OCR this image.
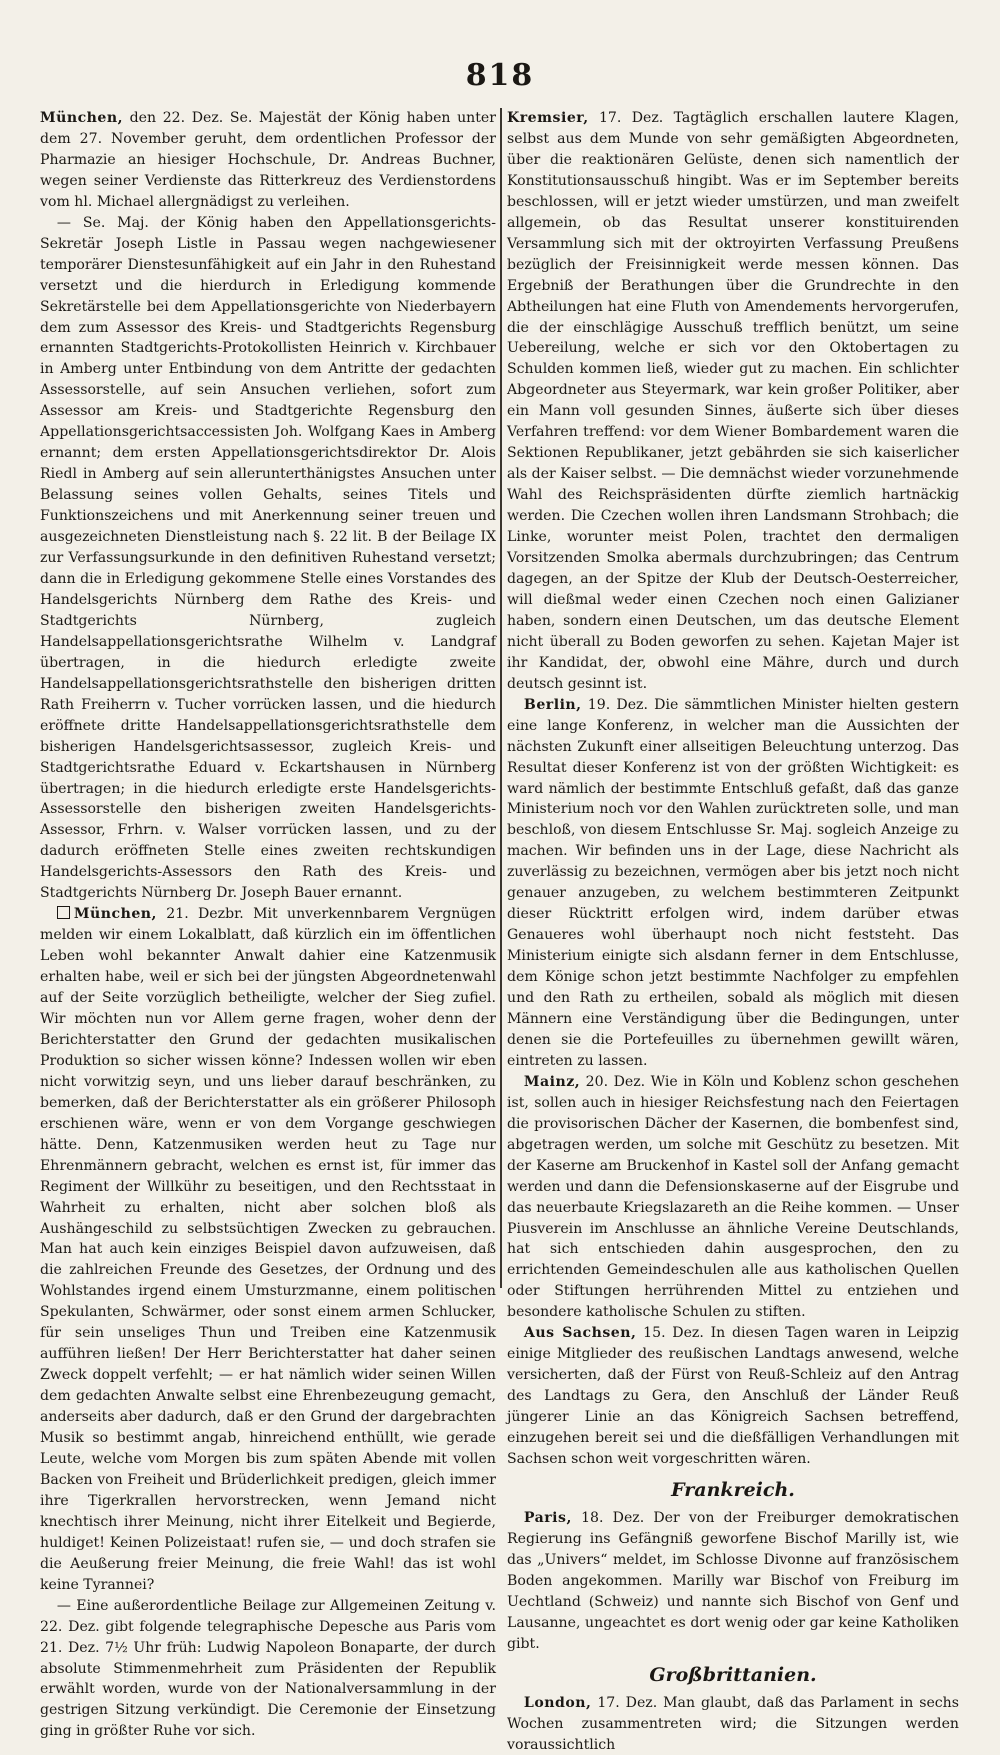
818

München, den 22. Dez. Se. Majestät der König haben unter dem 27. November geruht, dem ordentlichen Professor der Pharmazie an hiesiger Hochschule, Dr. Andreas Buchner, wegen seiner Verdienste das Ritterkreuz des Verdienstordens vom hl. Michael allergnädigst zu verleihen.

— Se. Maj. der König haben den Appellationsgerichts-Sekretär Joseph Listle in Passau wegen nachgewiesener temporärer Dienstesunfähigkeit auf ein Jahr in den Ruhestand versetzt und die hierdurch in Erledigung kommende Sekretärstelle bei dem Appellationsgerichte von Niederbayern dem zum Assessor des Kreis- und Stadtgerichts Regensburg ernannten Stadtgerichts-Protokollisten Heinrich v. Kirchbauer in Amberg unter Entbindung von dem Antritte der gedachten Assessorstelle, auf sein Ansuchen verliehen, sofort zum Assessor am Kreis- und Stadtgerichte Regensburg den Appellationsgerichtsaccessisten Joh. Wolfgang Kaes in Amberg ernannt; dem ersten Appellationsgerichtsdirektor Dr. Alois Riedl in Amberg auf sein allerunterthänigstes Ansuchen unter Belassung seines vollen Gehalts, seines Titels und Funktionszeichens und mit Anerkennung seiner treuen und ausgezeichneten Dienstleistung nach §. 22 lit. B der Beilage IX zur Verfassungsurkunde in den definitiven Ruhestand versetzt; dann die in Erledigung gekommene Stelle eines Vorstandes des Handelsgerichts Nürnberg dem Rathe des Kreis- und Stadtgerichts Nürnberg, zugleich Handelsappellationsgerichtsrathe Wilhelm v. Landgraf übertragen, in die hiedurch erledigte zweite Handelsappellationsgerichtsrathstelle den bisherigen dritten Rath Freiherrn v. Tucher vorrücken lassen, und die hiedurch eröffnete dritte Handelsappellationsgerichtsrathstelle dem bisherigen Handelsgerichtsassessor, zugleich Kreis- und Stadtgerichtsrathe Eduard v. Eckartshausen in Nürnberg übertragen; in die hiedurch erledigte erste Handelsgerichts-Assessorstelle den bisherigen zweiten Handelsgerichts-Assessor, Frhrn. v. Walser vorrücken lassen, und zu der dadurch eröffneten Stelle eines zweiten rechtskundigen Handelsgerichts-Assessors den Rath des Kreis- und Stadtgerichts Nürnberg Dr. Joseph Bauer ernannt.

München, 21. Dezbr. Mit unverkennbarem Vergnügen melden wir einem Lokalblatt, daß kürzlich ein im öffentlichen Leben wohl bekannter Anwalt dahier eine Katzenmusik erhalten habe, weil er sich bei der jüngsten Abgeordnetenwahl auf der Seite vorzüglich betheiligte, welcher der Sieg zufiel. Wir möchten nun vor Allem gerne fragen, woher denn der Berichterstatter den Grund der gedachten musikalischen Produktion so sicher wissen könne? Indessen wollen wir eben nicht vorwitzig seyn, und uns lieber darauf beschränken, zu bemerken, daß der Berichterstatter als ein größerer Philosoph erschienen wäre, wenn er von dem Vorgange geschwiegen hätte. Denn, Katzenmusiken werden heut zu Tage nur Ehrenmännern gebracht, welchen es ernst ist, für immer das Regiment der Willkühr zu beseitigen, und den Rechtsstaat in Wahrheit zu erhalten, nicht aber solchen bloß als Aushängeschild zu selbstsüchtigen Zwecken zu gebrauchen. Man hat auch kein einziges Beispiel davon aufzuweisen, daß die zahlreichen Freunde des Gesetzes, der Ordnung und des Wohlstandes irgend einem Umsturzmanne, einem politischen Spekulanten, Schwärmer, oder sonst einem armen Schlucker, für sein unseliges Thun und Treiben eine Katzenmusik aufführen ließen! Der Herr Berichterstatter hat daher seinen Zweck doppelt verfehlt; — er hat nämlich wider seinen Willen dem gedachten Anwalte selbst eine Ehrenbezeugung gemacht, anderseits aber dadurch, daß er den Grund der dargebrachten Musik so bestimmt angab, hinreichend enthüllt, wie gerade Leute, welche vom Morgen bis zum späten Abende mit vollen Backen von Freiheit und Brüderlichkeit predigen, gleich immer ihre Tigerkrallen hervorstrecken, wenn Jemand nicht knechtisch ihrer Meinung, nicht ihrer Eitelkeit und Begierde, huldiget! Keinen Polizeistaat! rufen sie, — und doch strafen sie die Aeußerung freier Meinung, die freie Wahl! das ist wohl keine Tyrannei?

— Eine außerordentliche Beilage zur Allgemeinen Zeitung v. 22. Dez. gibt folgende telegraphische Depesche aus Paris vom 21. Dez. 7½ Uhr früh: Ludwig Napoleon Bonaparte, der durch absolute Stimmenmehrheit zum Präsidenten der Republik erwählt worden, wurde von der Nationalversammlung in der gestrigen Sitzung verkündigt. Die Ceremonie der Einsetzung ging in größter Ruhe vor sich.

Kremsier, 17. Dez. Tagtäglich erschallen lautere Klagen, selbst aus dem Munde von sehr gemäßigten Abgeordneten, über die reaktionären Gelüste, denen sich namentlich der Konstitutionsausschuß hingibt. Was er im September bereits beschlossen, will er jetzt wieder umstürzen, und man zweifelt allgemein, ob das Resultat unserer konstituirenden Versammlung sich mit der oktroyirten Verfassung Preußens bezüglich der Freisinnigkeit werde messen können. Das Ergebniß der Berathungen über die Grundrechte in den Abtheilungen hat eine Fluth von Amendements hervorgerufen, die der einschlägige Ausschuß trefflich benützt, um seine Uebereilung, welche er sich vor den Oktobertagen zu Schulden kommen ließ, wieder gut zu machen. Ein schlichter Abgeordneter aus Steyermark, war kein großer Politiker, aber ein Mann voll gesunden Sinnes, äußerte sich über dieses Verfahren treffend: vor dem Wiener Bombardement waren die Sektionen Republikaner, jetzt gebährden sie sich kaiserlicher als der Kaiser selbst. — Die demnächst wieder vorzunehmende Wahl des Reichspräsidenten dürfte ziemlich hartnäckig werden. Die Czechen wollen ihren Landsmann Strohbach; die Linke, worunter meist Polen, trachtet den dermaligen Vorsitzenden Smolka abermals durchzubringen; das Centrum dagegen, an der Spitze der Klub der Deutsch-Oesterreicher, will dießmal weder einen Czechen noch einen Galizianer haben, sondern einen Deutschen, um das deutsche Element nicht überall zu Boden geworfen zu sehen. Kajetan Majer ist ihr Kandidat, der, obwohl eine Mähre, durch und durch deutsch gesinnt ist.

Berlin, 19. Dez. Die sämmtlichen Minister hielten gestern eine lange Konferenz, in welcher man die Aussichten der nächsten Zukunft einer allseitigen Beleuchtung unterzog. Das Resultat dieser Konferenz ist von der größten Wichtigkeit: es ward nämlich der bestimmte Entschluß gefaßt, daß das ganze Ministerium noch vor den Wahlen zurücktreten solle, und man beschloß, von diesem Entschlusse Sr. Maj. sogleich Anzeige zu machen. Wir befinden uns in der Lage, diese Nachricht als zuverlässig zu bezeichnen, vermögen aber bis jetzt noch nicht genauer anzugeben, zu welchem bestimmteren Zeitpunkt dieser Rücktritt erfolgen wird, indem darüber etwas Genaueres wohl überhaupt noch nicht feststeht. Das Ministerium einigte sich alsdann ferner in dem Entschlusse, dem Könige schon jetzt bestimmte Nachfolger zu empfehlen und den Rath zu ertheilen, sobald als möglich mit diesen Männern eine Verständigung über die Bedingungen, unter denen sie die Portefeuilles zu übernehmen gewillt wären, eintreten zu lassen.

Mainz, 20. Dez. Wie in Köln und Koblenz schon geschehen ist, sollen auch in hiesiger Reichsfestung nach den Feiertagen die provisorischen Dächer der Kasernen, die bombenfest sind, abgetragen werden, um solche mit Geschütz zu besetzen. Mit der Kaserne am Bruckenhof in Kastel soll der Anfang gemacht werden und dann die Defensionskaserne auf der Eisgrube und das neuerbaute Kriegslazareth an die Reihe kommen. — Unser Piusverein im Anschlusse an ähnliche Vereine Deutschlands, hat sich entschieden dahin ausgesprochen, den zu errichtenden Gemeindeschulen alle aus katholischen Quellen oder Stiftungen herrührenden Mittel zu entziehen und besondere katholische Schulen zu stiften.

Aus Sachsen, 15. Dez. In diesen Tagen waren in Leipzig einige Mitglieder des reußischen Landtags anwesend, welche versicherten, daß der Fürst von Reuß-Schleiz auf den Antrag des Landtags zu Gera, den Anschluß der Länder Reuß jüngerer Linie an das Königreich Sachsen betreffend, einzugehen bereit sei und die dießfälligen Verhandlungen mit Sachsen schon weit vorgeschritten wären.

Frankreich.

Paris, 18. Dez. Der von der Freiburger demokratischen Regierung ins Gefängniß geworfene Bischof Marilly ist, wie das „Univers“ meldet, im Schlosse Divonne auf französischem Boden angekommen. Marilly war Bischof von Freiburg im Uechtland (Schweiz) und nannte sich Bischof von Genf und Lausanne, ungeachtet es dort wenig oder gar keine Katholiken gibt.

Großbrittanien.

London, 17. Dez. Man glaubt, daß das Parlament in sechs Wochen zusammentreten wird; die Sitzungen werden voraussichtlich
